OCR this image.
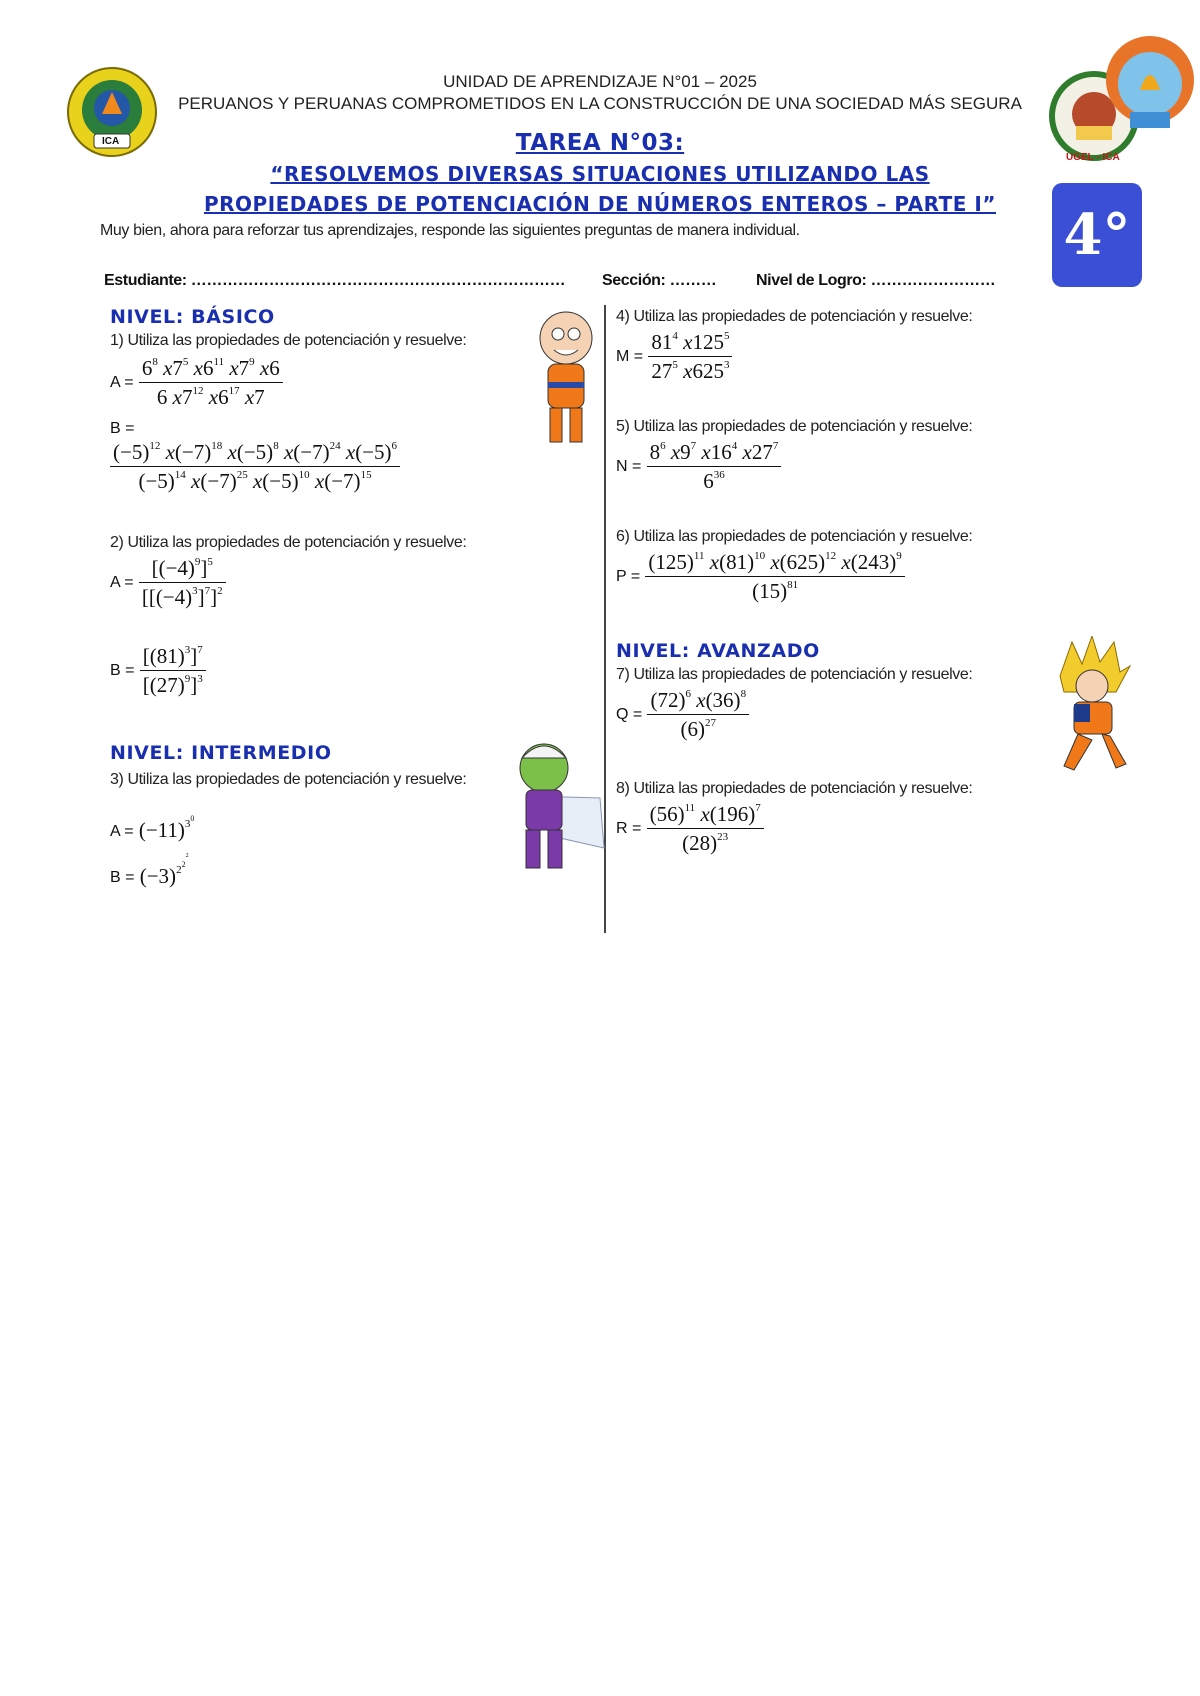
ICA
UGEL - ICA
UNIDAD DE APRENDIZAJE N°01 – 2025
PERUANOS Y PERUANAS COMPROMETIDOS EN LA CONSTRUCCIÓN DE UNA SOCIEDAD MÁS SEGURA
TAREA N°03:
“RESOLVEMOS DIVERSAS SITUACIONES UTILIZANDO LAS
PROPIEDADES DE POTENCIACIÓN DE NÚMEROS ENTEROS – PARTE I”	4°
Muy bien, ahora para reforzar tus aprendizajes, responde las siguientes preguntas de manera individual.
Estudiante: ……………………………………………………………… Sección: ……… Nivel de Logro: ……………………
NIVEL: BÁSICO
1) Utiliza las propiedades de potenciación y resuelve:
$A = \frac{6^8 x7^5 x6^{11} x7^9 x6}{6 x7^{12} x6^{17} x7}$
B =
$\frac{(-5)^{12} x(-7)^{18} x(-5)^8 x(-7)^{24} x(-5)^6}{(-5)^{14} x(-7)^{25} x(-5)^{10} x(-7)^{15}}$
2) Utiliza las propiedades de potenciación y resuelve:
$A = \frac{[(-4)^9]^5}{[[(-4)^3]^7]^2}$
$B = \frac{[(81)^3]^7}{[(27)^9]^3}$
NIVEL: INTERMEDIO
3) Utiliza las propiedades de potenciación y resuelve:
$A = (-11)^{3^0}$
$B = (-3)^{2^{2^2}}$
4) Utiliza las propiedades de potenciación y resuelve:
$M = \frac{81^4 x125^5}{27^5 x625^3}$
5) Utiliza las propiedades de potenciación y resuelve:
$N = \frac{8^6 x9^7 x16^4 x27^7}{6^{36}}$
6) Utiliza las propiedades de potenciación y resuelve:
$P = \frac{(125)^{11} x(81)^{10} x(625)^{12} x(243)^9}{(15)^{81}}$
NIVEL: AVANZADO
7) Utiliza las propiedades de potenciación y resuelve:
$Q = \frac{(72)^6 x(36)^8}{(6)^{27}}$
8) Utiliza las propiedades de potenciación y resuelve:
$R = \frac{(56)^{11} x(196)^7}{(28)^{23}}$
